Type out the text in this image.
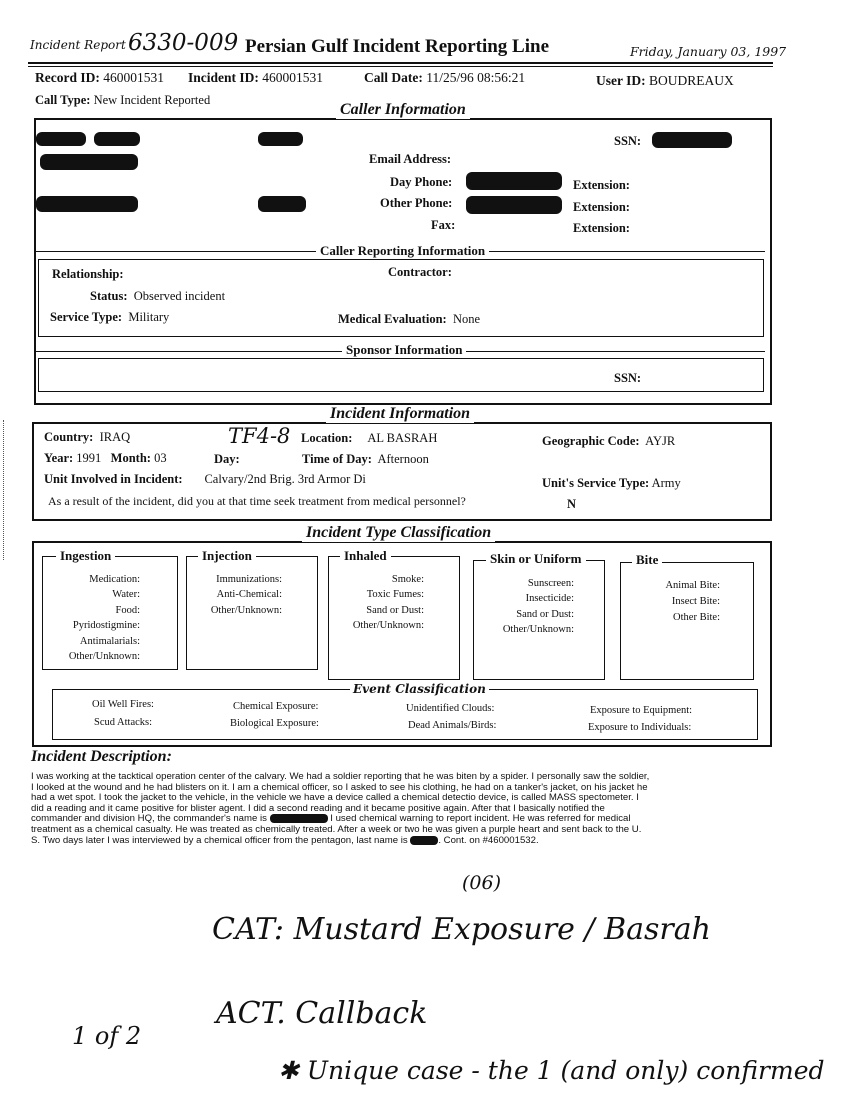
Incident Report 6330-009 Persian Gulf Incident Reporting Line	Friday, January 03, 1997
Record ID: 460001531 Incident ID: 460001531	Call Date: 11/25/96 08:56:21	User ID: BOUDREAUX
Call Type: New Incident Reported
Caller Information
SSN:
Email Address:
Day Phone:
Other Phone:
Fax:
Extension:
Extension:
Extension:
Caller Reporting Information
Relationship:	Contractor:
Status: Observed incident
Service Type: Military	Medical Evaluation: None
Sponsor Information
SSN:
Incident Information
Country: IRAQ	TF4-8 Location: AL BASRAH	Geographic Code: AYJR
Year: 1991 Month: 03	Day:	Time of Day: Afternoon
Unit Involved in Incident: Calvary/2nd Brig. 3rd Armor Di	Unit's Service Type: Army
As a result of the incident, did you at that time seek treatment from medical personnel?	N
Incident Type Classification
Ingestion
Medication:
Water:
Food:
Pyridostigmine:
Antimalarials:
Other/Unknown:
Injection
Immunizations:
Anti-Chemical:
Other/Unknown:
Inhaled
Smoke:
Toxic Fumes:
Sand or Dust:
Other/Unknown:
Skin or Uniform
Sunscreen:
Insecticide:
Sand or Dust:
Other/Unknown:
Bite
Animal Bite:
Insect Bite:
Other Bite:
Event Classification
Oil Well Fires:
Scud Attacks:
Chemical Exposure:
Biological Exposure:
Unidentified Clouds:
Dead Animals/Birds:
Exposure to Equipment:
Exposure to Individuals:
Incident Description:
I was working at the tacktical operation center of the calvary. We had a soldier reporting that he was biten by a spider. I personally saw the soldier,
I looked at the wound and he had blisters on it. I am a chemical officer, so I asked to see his clothing, he had on a tanker's jacket, on his jacket he
had a wet spot. I took the jacket to the vehicle, in the vehicle we have a device called a chemical detectio device, is called MASS spectometer. I
did a reading and it came positive for blister agent. I did a second reading and it became positive again. After that I basically notified the
commander and division HQ, the commander's name is	I used chemical warning to report incident. He was referred for medical
treatment as a chemical casualty. He was treated as chemically treated. After a week or two he was given a purple heart and sent back to the U.
S. Two days later I was interviewed by a chemical officer from the pentagon, last name is	. Cont. on #460001532.
(06)
CAT: Mustard Exposure / Basrah
ACT. Callback
1 of 2
✱ Unique case - the 1 (and only) confirmed
